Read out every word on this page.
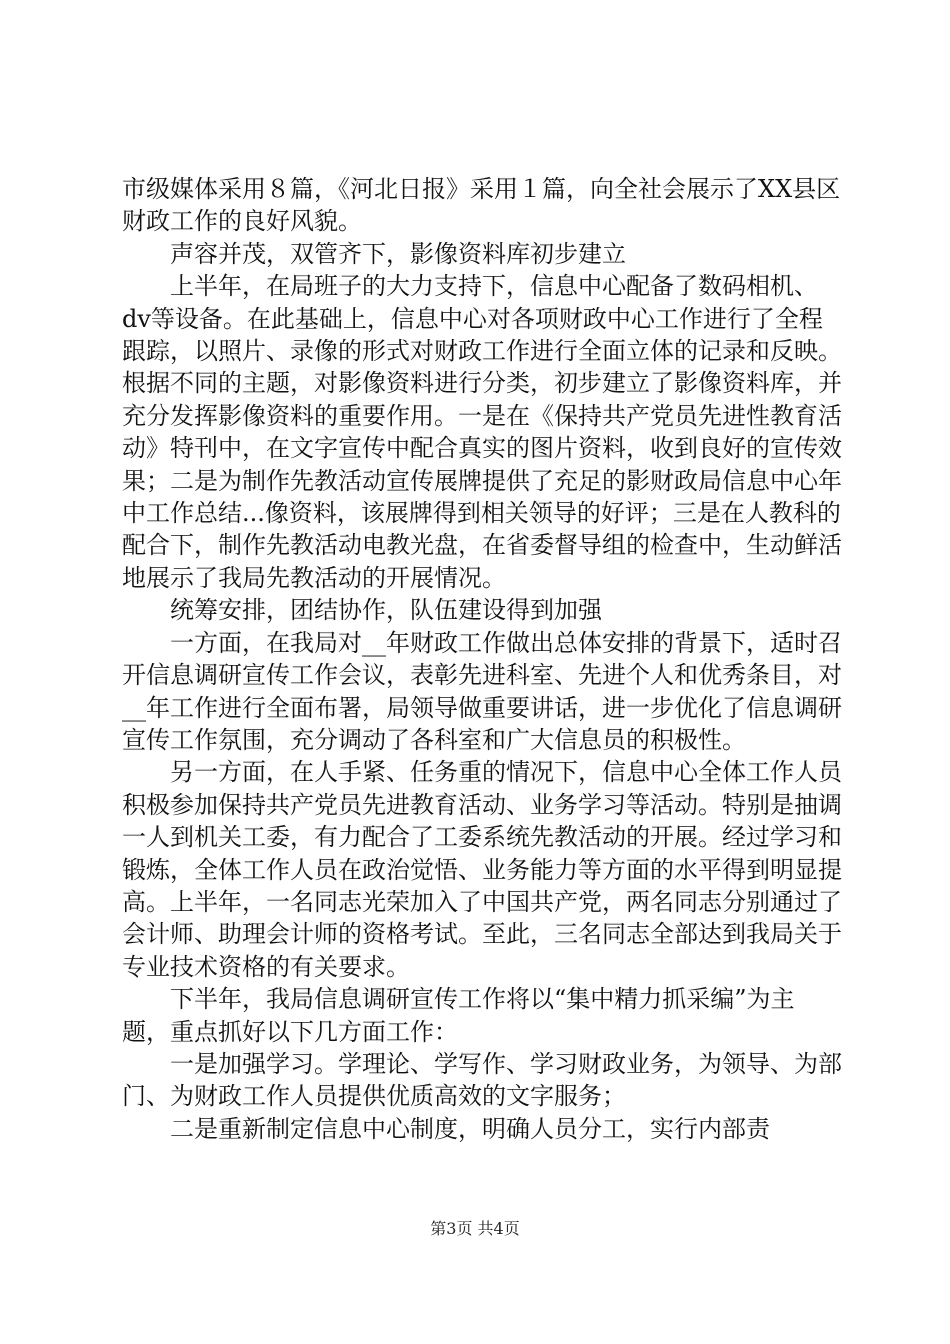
市级媒体采用８篇，《河北日报》采用１篇，向全社会展示了XX县区财政工作的良好风貌。

声容并茂，双管齐下，影像资料库初步建立

上半年，在局班子的大力支持下，信息中心配备了数码相机、dv等设备。在此基础上，信息中心对各项财政中心工作进行了全程跟踪，以照片、录像的形式对财政工作进行全面立体的记录和反映。根据不同的主题，对影像资料进行分类，初步建立了影像资料库，并充分发挥影像资料的重要作用。一是在《保持共产党员先进性教育活动》特刊中，在文字宣传中配合真实的图片资料，收到良好的宣传效果；二是为制作先教活动宣传展牌提供了充足的影财政局信息中心年中工作总结...像资料，该展牌得到相关领导的好评；三是在人教科的配合下，制作先教活动电教光盘，在省委督导组的检查中，生动鲜活地展示了我局先教活动的开展情况。

统筹安排，团结协作，队伍建设得到加强

一方面，在我局对__年财政工作做出总体安排的背景下，适时召开信息调研宣传工作会议，表彰先进科室、先进个人和优秀条目，对__年工作进行全面布署，局领导做重要讲话，进一步优化了信息调研宣传工作氛围，充分调动了各科室和广大信息员的积极性。

另一方面，在人手紧、任务重的情况下，信息中心全体工作人员积极参加保持共产党员先进教育活动、业务学习等活动。特别是抽调一人到机关工委，有力配合了工委系统先教活动的开展。经过学习和锻炼，全体工作人员在政治觉悟、业务能力等方面的水平得到明显提高。上半年，一名同志光荣加入了中国共产党，两名同志分别通过了会计师、助理会计师的资格考试。至此，三名同志全部达到我局关于专业技术资格的有关要求。

下半年，我局信息调研宣传工作将以“集中精力抓采编”为主题，重点抓好以下几方面工作：

一是加强学习。学理论、学写作、学习财政业务，为领导、为部门、为财政工作人员提供优质高效的文字服务；

二是重新制定信息中心制度，明确人员分工，实行内部责

第3页 共4页
